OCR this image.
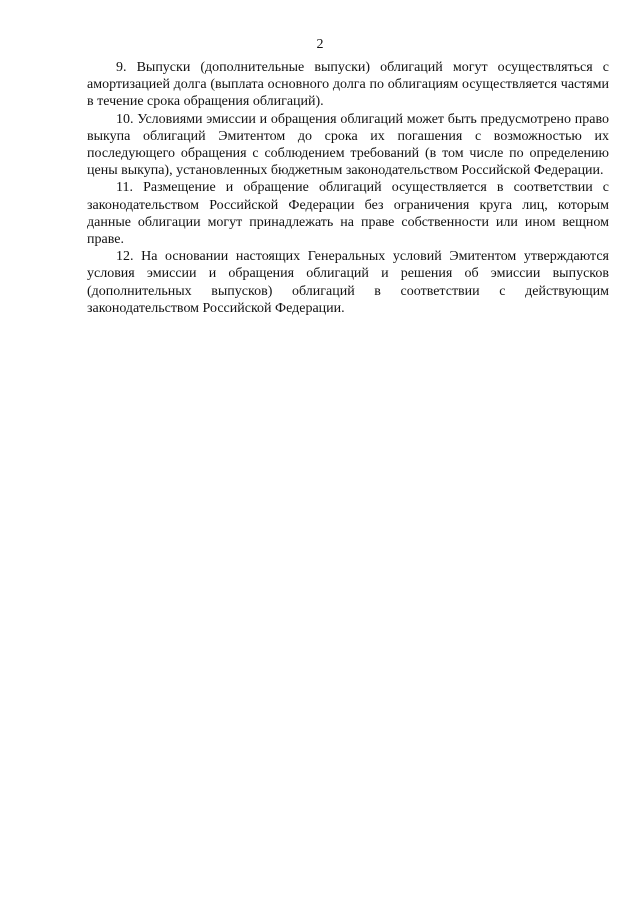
2

9. Выпуски (дополнительные выпуски) облигаций могут осуществляться с амортизацией долга (выплата основного долга по облигациям осуществляется частями в течение срока обращения облигаций).

10. Условиями эмиссии и обращения облигаций может быть предусмотрено право выкупа облигаций Эмитентом до срока их погашения с возможностью их последующего обращения с соблюдением требований (в том числе по определению цены выкупа), установленных бюджетным законодательством Российской Федерации.

11. Размещение и обращение облигаций осуществляется в соответствии с законодательством Российской Федерации без ограничения круга лиц, которым данные облигации могут принадлежать на праве собственности или ином вещном праве.

12. На основании настоящих Генеральных условий Эмитентом утверждаются условия эмиссии и обращения облигаций и решения об эмиссии выпусков (дополнительных выпусков) облигаций в соответствии с действующим законодательством Российской Федерации.
